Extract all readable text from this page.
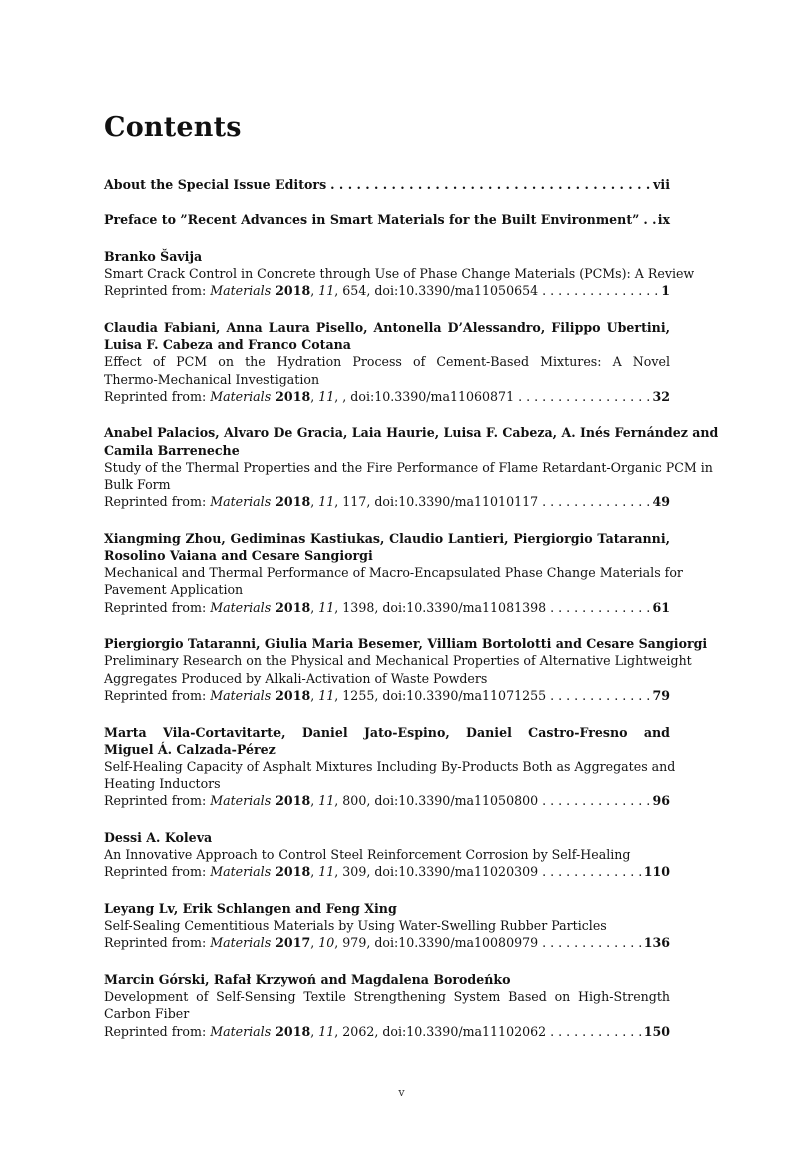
Contents
About the Special Issue Editors . . .	vii
Preface to ”Recent Advances in Smart Materials for the Built Environment” . . . ix
Branko Šavija
Smart Crack Control in Concrete through Use of Phase Change Materials (PCMs): A Review
Reprinted from: Materials 2018, 11, 654, doi:10.3390/ma11050654 . . .	1
Claudia Fabiani, Anna Laura Pisello, Antonella D’Alessandro, Filippo Ubertini,
Luisa F. Cabeza and Franco Cotana
Effect of PCM on the Hydration Process of Cement-Based Mixtures: A Novel
Thermo-Mechanical Investigation
Reprinted from: Materials 2018, 11, , doi:10.3390/ma11060871 . . .	32
Anabel Palacios, Alvaro De Gracia, Laia Haurie, Luisa F. Cabeza, A. Inés Fernández and
Camila Barreneche
Study of the Thermal Properties and the Fire Performance of Flame Retardant-Organic PCM in
Bulk Form
Reprinted from: Materials 2018, 11, 117, doi:10.3390/ma11010117 . . .	49
Xiangming Zhou, Gediminas Kastiukas, Claudio Lantieri, Piergiorgio Tataranni,
Rosolino Vaiana and Cesare Sangiorgi
Mechanical and Thermal Performance of Macro-Encapsulated Phase Change Materials for
Pavement Application
Reprinted from: Materials 2018, 11, 1398, doi:10.3390/ma11081398 . . .	61
Piergiorgio Tataranni, Giulia Maria Besemer, Villiam Bortolotti and Cesare Sangiorgi
Preliminary Research on the Physical and Mechanical Properties of Alternative Lightweight
Aggregates Produced by Alkali-Activation of Waste Powders
Reprinted from: Materials 2018, 11, 1255, doi:10.3390/ma11071255 . . .	79
Marta Vila-Cortavitarte, Daniel Jato-Espino, Daniel Castro-Fresno and
Miguel Á. Calzada-Pérez
Self-Healing Capacity of Asphalt Mixtures Including By-Products Both as Aggregates and
Heating Inductors
Reprinted from: Materials 2018, 11, 800, doi:10.3390/ma11050800 . . .	96
Dessi A. Koleva
An Innovative Approach to Control Steel Reinforcement Corrosion by Self-Healing
Reprinted from: Materials 2018, 11, 309, doi:10.3390/ma11020309 . . .	110
Leyang Lv, Erik Schlangen and Feng Xing
Self-Sealing Cementitious Materials by Using Water-Swelling Rubber Particles
Reprinted from: Materials 2017, 10, 979, doi:10.3390/ma10080979 . . .	136
Marcin Górski, Rafał Krzywoń and Magdalena Borodeńko
Development of Self-Sensing Textile Strengthening System Based on High-Strength
Carbon Fiber
Reprinted from: Materials 2018, 11, 2062, doi:10.3390/ma11102062 . . .	150
v
